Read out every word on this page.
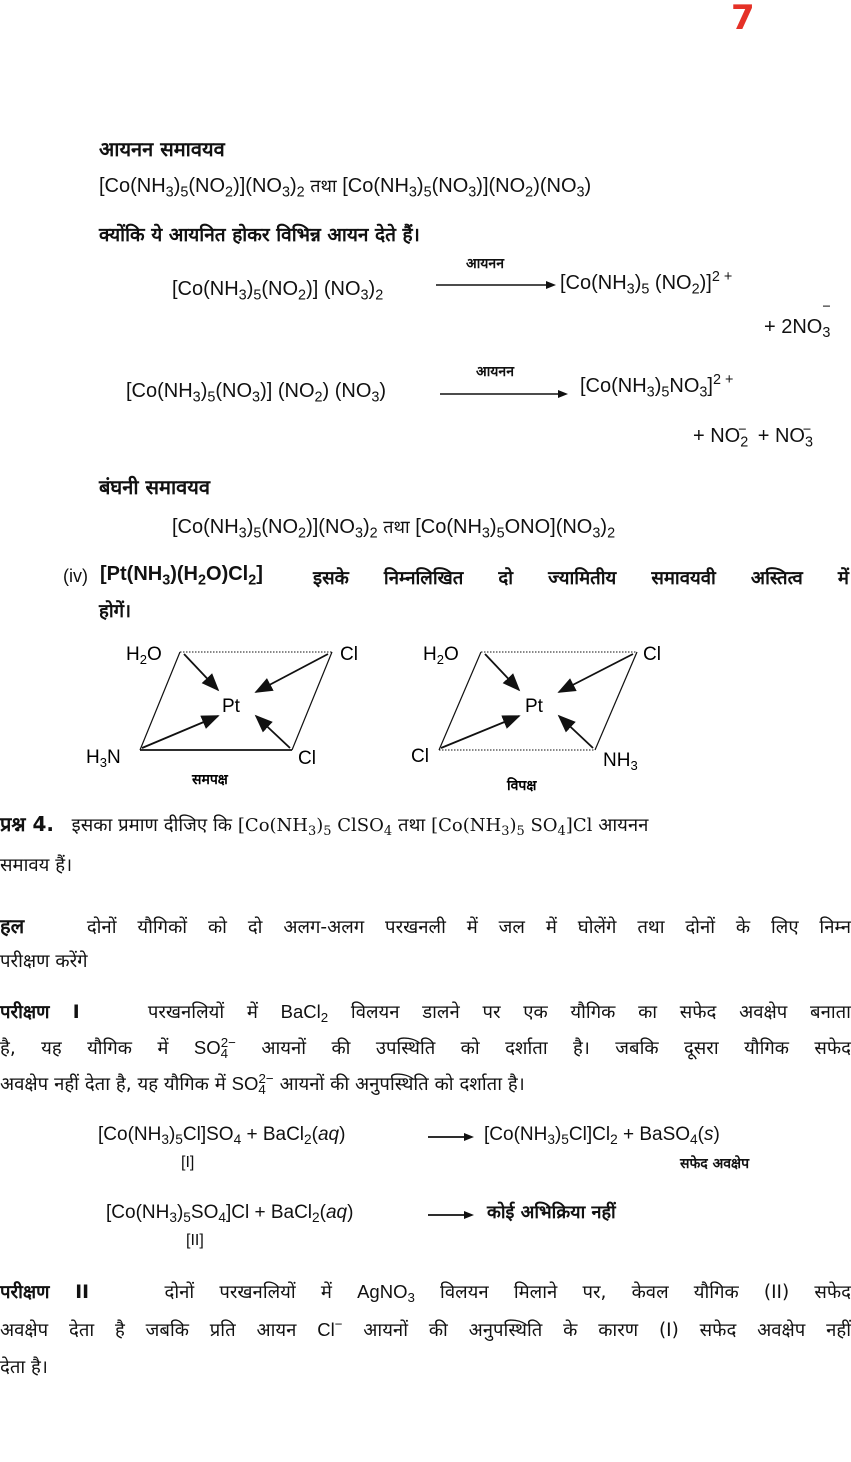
7
आयनन समावयव
$[Co(NH_3)_5(NO_2)](NO_3)_2$ तथा $[Co(NH_3)_5(NO_3)](NO_2)(NO_3)$
क्योंकि ये आयनित होकर विभिन्न आयन देते हैं।
$[Co(NH_3)_5(NO_2)]$ $(NO_3)_2$
आयनन
[$Co(NH_3)_5$ $(NO_2)]^{2 +}$
+ 2NO
$_{- 3}$
$[Co(NH_3)_5(NO_3)]$ $(NO_2)$ $(NO_3)$
आयनन
$[Co(NH_3)_5NO_3]^{2 +}$
+ $NO_2^- + NO_3^-$
बंघनी समावयव
$[Co(NH_3)_5(NO_2)](NO_3)_2$ तथा $[Co(NH_3)_5ONO](NO_3)_2$
(iv) $[Pt(NH_3)(H_2O)Cl_2]$	इसके निम्नलिखित दो ज्यामितीय समावयवी अस्तित्व में
होगें।
$H_2O$	Cl
Pt
$H_3N$	Cl
समपक्ष
$H_2O$	Cl
Pt
Cl	$NH_3$
विपक्ष
प्रश्न 4. इसका प्रमाण दीजिए कि [$Co(NH_3)_5$ ClSO$_4$ तथा [$Co(NH_3)_5$ $SO_4]Cl$ आयनन
समावय हैं।
हल	दोनों यौगिकों को दो अलग-अलग परखनली में जल में घोलेंगे तथा दोनों के लिए निम्न
परीक्षण करेंगे
परीक्षण I	परखनलियों में BaCl$_2$ विलयन डालने पर एक यौगिक का सफेद अवक्षेप बनाता
है, यह यौगिक में $SO_4^{2-}$ आयनों की उपस्थिति को दर्शाता है। जबकि दूसरा यौगिक सफेद
अवक्षेप नहीं देता है, यह यौगिक में $SO_4^{2-}$ आयनों की अनुपस्थिति को दर्शाता है।
$[Co(NH_3)_5Cl]SO_4$ + BaCl$_2$(aq)	$[Co(NH_3)_5Cl]Cl_2$ + BaSO$_4$(s)
[I]	सफेद अवक्षेप
$[Co(NH_3)_5SO_4]Cl$ + BaCl$_2$(aq)	कोई अभिक्रिया नहीं
[II]
परीक्षण II	दोनों परखनलियों में AgNO$_3$ विलयन मिलाने पर, केवल यौगिक (II) सफेद
अवक्षेप देता है जबकि प्रति आयन Cl− आयनों की अनुपस्थिति के कारण (I) सफेद अवक्षेप नहीं
देता है।
